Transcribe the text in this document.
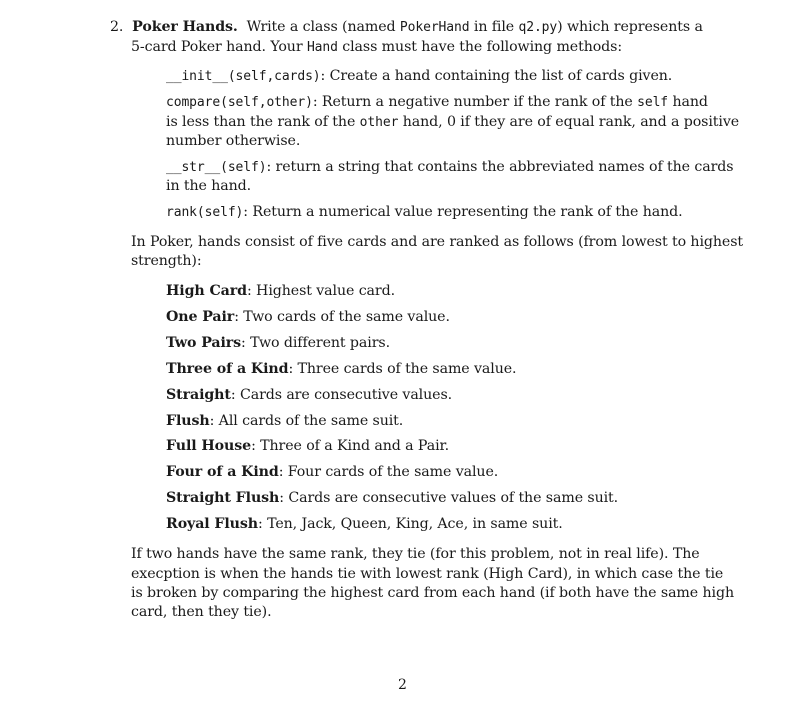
2. Poker Hands. Write a class (named PokerHand in file q2.py) which represents a
5-card Poker hand. Your Hand class must have the following methods:
__init__(self,cards): Create a hand containing the list of cards given.
compare(self,other): Return a negative number if the rank of the self hand
is less than the rank of the other hand, 0 if they are of equal rank, and a positive
number otherwise.
__str__(self): return a string that contains the abbreviated names of the cards
in the hand.
rank(self): Return a numerical value representing the rank of the hand.
In Poker, hands consist of five cards and are ranked as follows (from lowest to highest
strength):
High Card: Highest value card.
One Pair: Two cards of the same value.
Two Pairs: Two different pairs.
Three of a Kind: Three cards of the same value.
Straight: Cards are consecutive values.
Flush: All cards of the same suit.
Full House: Three of a Kind and a Pair.
Four of a Kind: Four cards of the same value.
Straight Flush: Cards are consecutive values of the same suit.
Royal Flush: Ten, Jack, Queen, King, Ace, in same suit.
If two hands have the same rank, they tie (for this problem, not in real life). The
execption is when the hands tie with lowest rank (High Card), in which case the tie
is broken by comparing the highest card from each hand (if both have the same high
card, then they tie).
2
